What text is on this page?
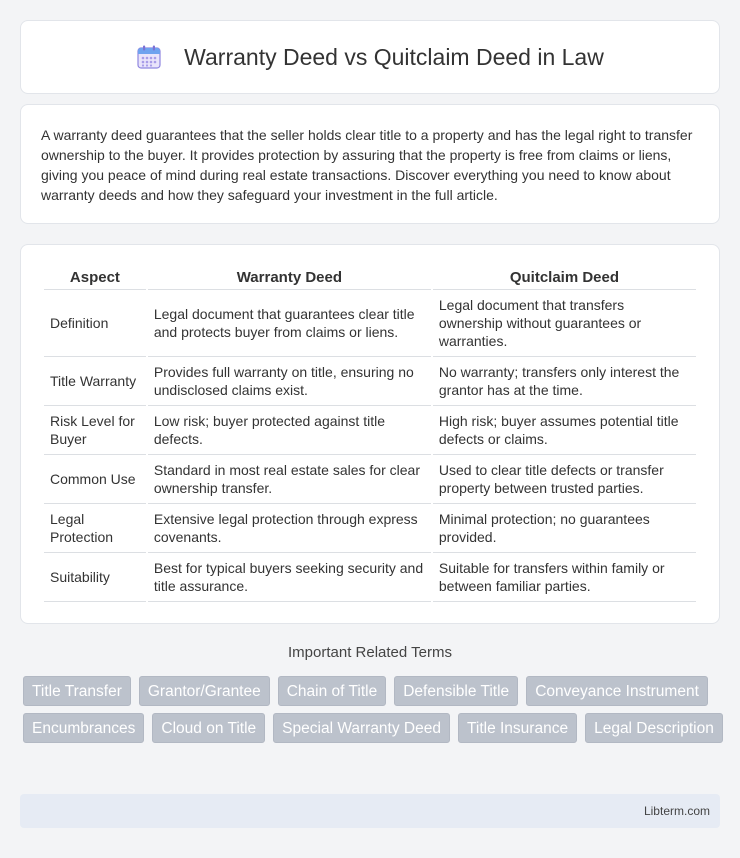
Warranty Deed vs Quitclaim Deed in Law

A warranty deed guarantees that the seller holds clear title to a property and has the legal right to transfer ownership to the buyer. It provides protection by assuring that the property is free from claims or liens, giving you peace of mind during real estate transactions. Discover everything you need to know about warranty deeds and how they safeguard your investment in the full article.

Aspect	Warranty Deed	Quitclaim Deed
Definition	Legal document that guarantees clear title and protects buyer from claims or liens.	Legal document that transfers ownership without guarantees or warranties.
Title Warranty	Provides full warranty on title, ensuring no undisclosed claims exist.	No warranty; transfers only interest the grantor has at the time.
Risk Level for Buyer	Low risk; buyer protected against title defects.	High risk; buyer assumes potential title defects or claims.
Common Use	Standard in most real estate sales for clear ownership transfer.	Used to clear title defects or transfer property between trusted parties.
Legal Protection	Extensive legal protection through express covenants.	Minimal protection; no guarantees provided.
Suitability	Best for typical buyers seeking security and title assurance.	Suitable for transfers within family or between familiar parties.
Important Related Terms
Title Transfer	Grantor/Grantee	Chain of Title	Defensible Title	Conveyance Instrument
Encumbrances	Cloud on Title	Special Warranty Deed	Title Insurance	Legal Description
Libterm.com
